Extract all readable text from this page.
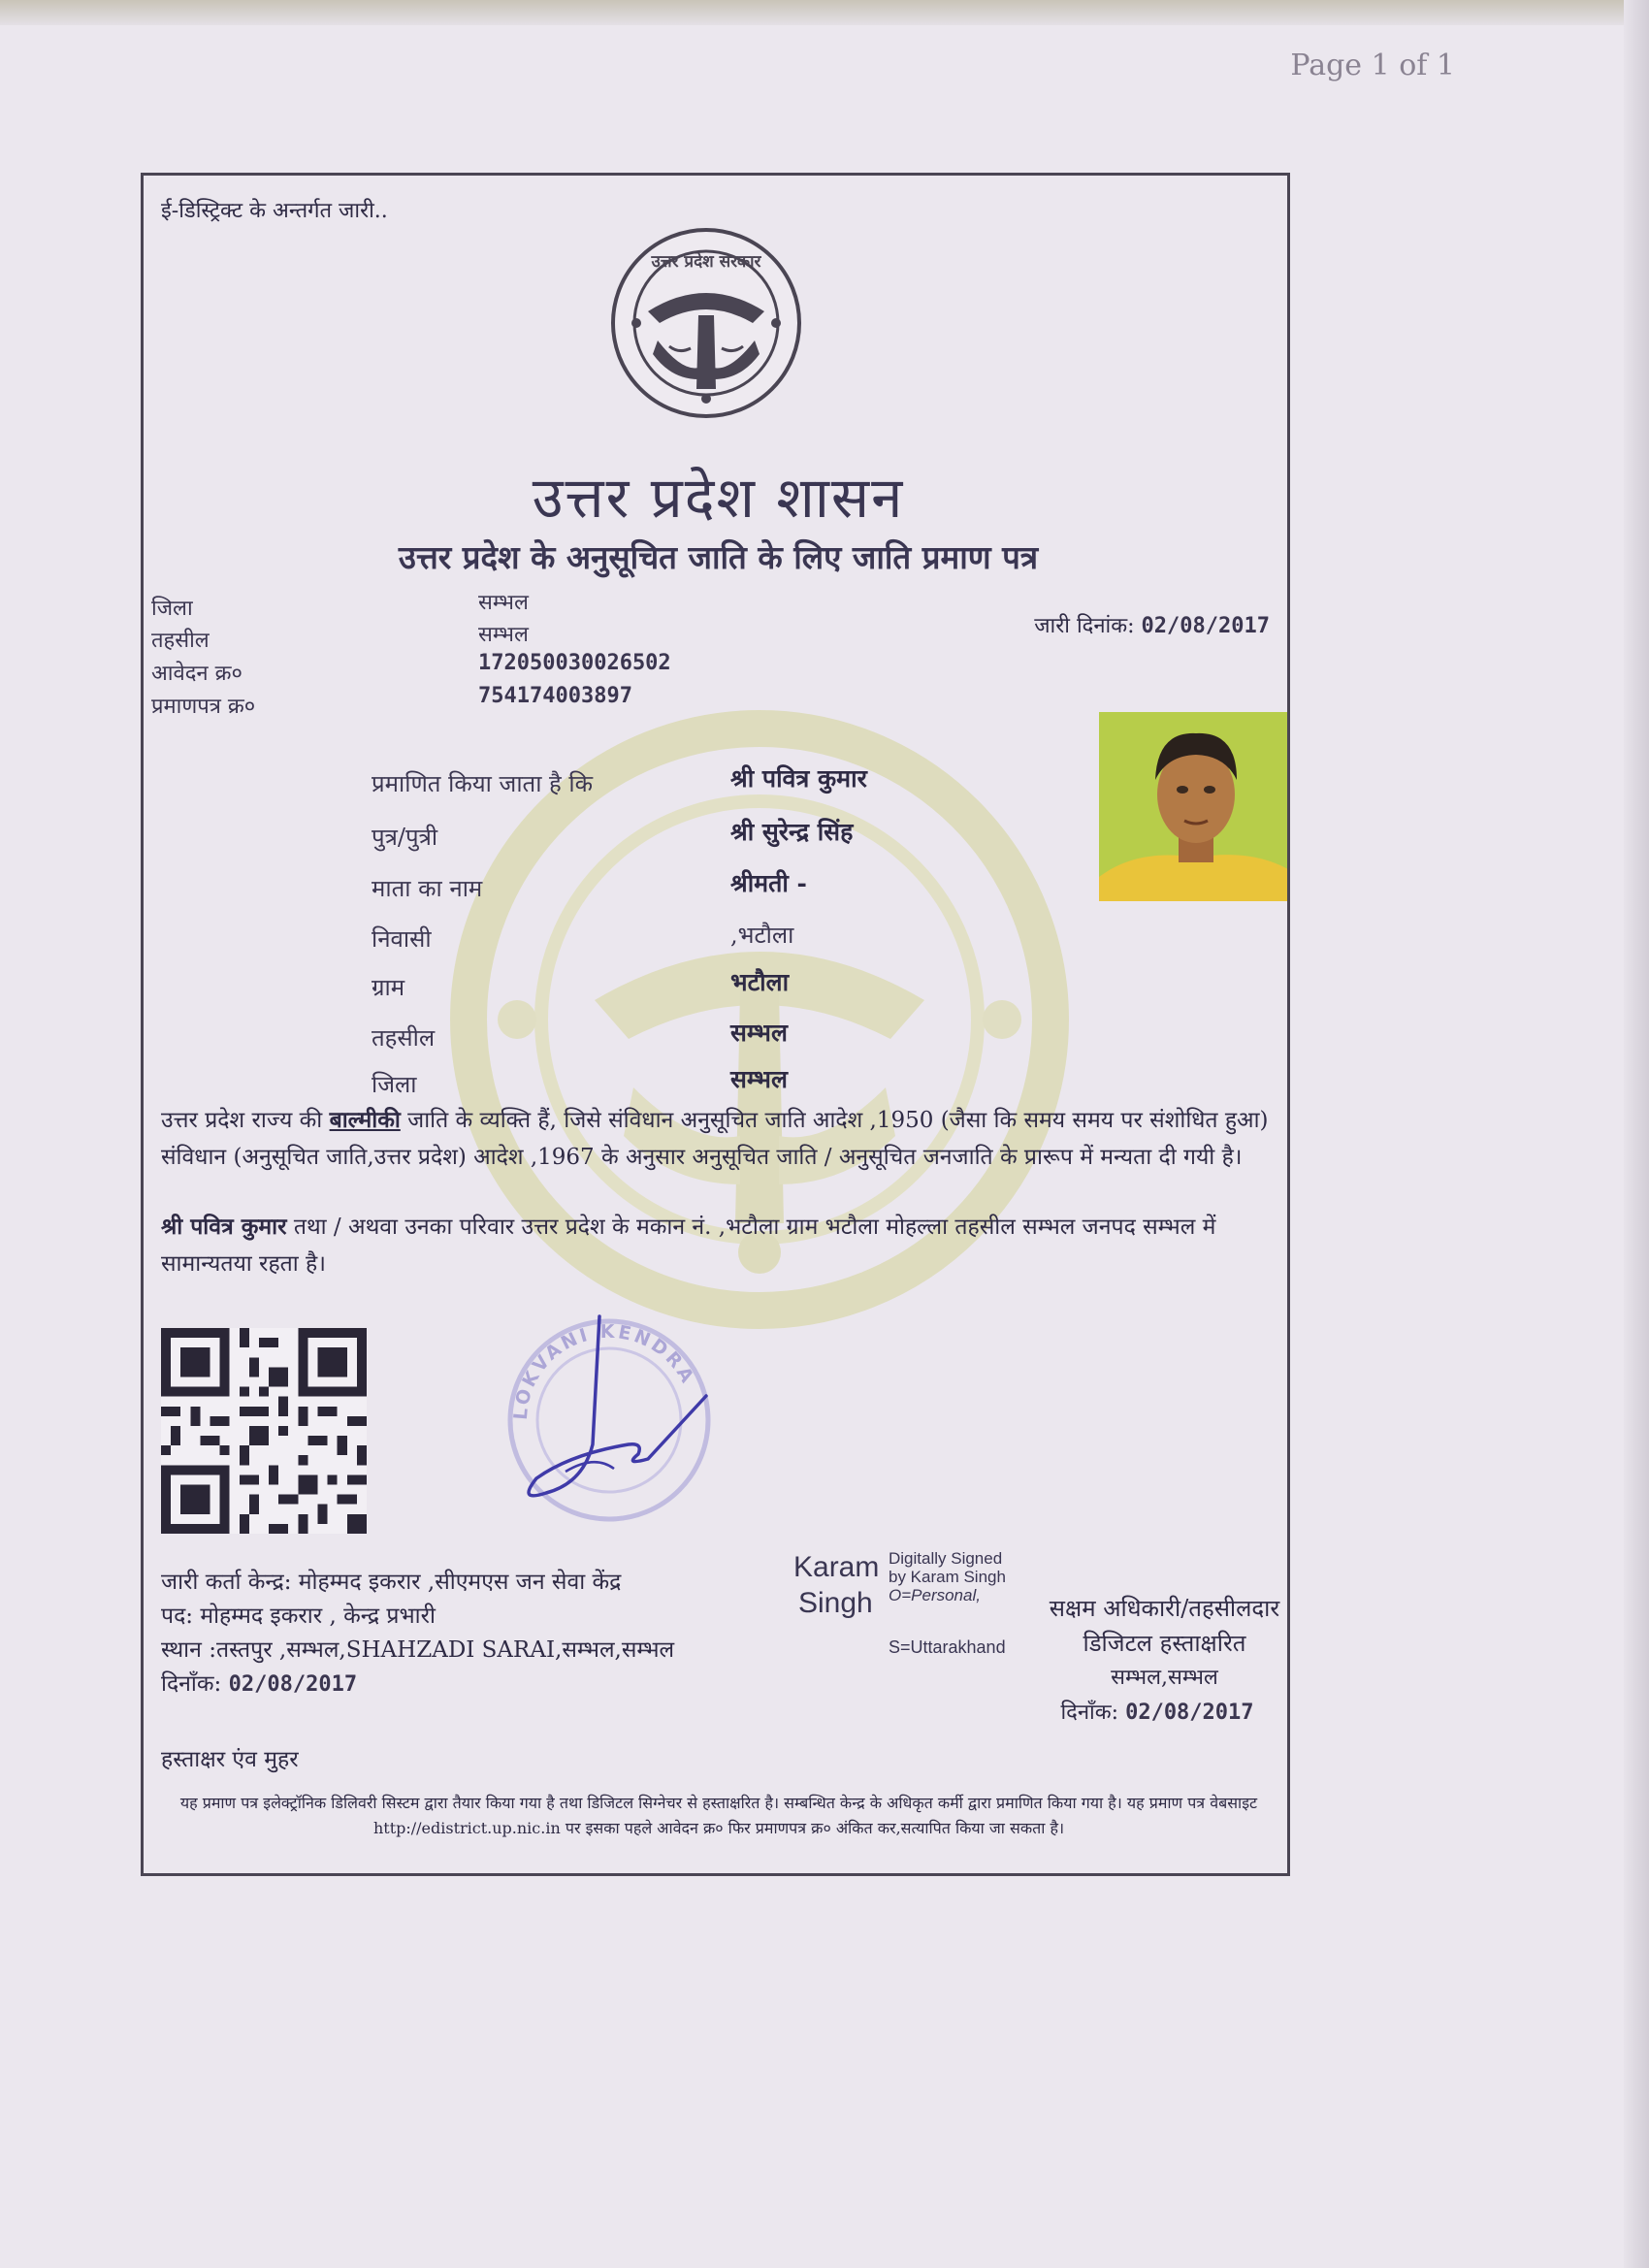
Page 1 of 1
ई-डिस्ट्रिक्ट के अन्तर्गत जारी..
उत्तर प्रदेश सरकार
उत्तर प्रदेश शासन
उत्तर प्रदेश के अनुसूचित जाति के लिए जाति प्रमाण पत्र
जिला	सम्भल
तहसील	सम्भल
आवेदन क्र०	172050030026502
प्रमाणपत्र क्र०	754174003897
जारी दिनांक: 02/08/2017
प्रमाणित किया जाता है कि	श्री पवित्र कुमार
पुत्र/पुत्री	श्री सुरेन्द्र सिंह
माता का नाम	श्रीमती -
निवासी	,भटौला
ग्राम	भटौला
तहसील	सम्भल
जिला	सम्भल
उत्तर प्रदेश राज्य की बाल्मीकी जाति के व्यक्ति हैं, जिसे संविधान अनुसूचित जाति आदेश ,1950 (जैसा कि समय समय पर संशोधित हुआ) संविधान (अनुसूचित जाति,उत्तर प्रदेश) आदेश ,1967 के अनुसार अनुसूचित जाति / अनुसूचित जनजाति के प्रारूप में मन्यता दी गयी है।
श्री पवित्र कुमार तथा / अथवा उनका परिवार उत्तर प्रदेश के मकान नं. ,भटौला ग्राम भटौला मोहल्ला तहसील सम्भल जनपद सम्भल में सामान्यतया रहता है।
LOKVANI KENDRA
जारी कर्ता केन्द्र: मोहम्मद इकरार ,सीएमएस जन सेवा केंद्र
पद: मोहम्मद इकरार , केन्द्र प्रभारी
स्थान :तस्तपुर ,सम्भल,SHAHZADI SARAI,सम्भल,सम्भल
दिनाँक: 02/08/2017
Karam
Singh
Digitally Signed
by Karam Singh
O=Personal,
S=Uttarakhand
सक्षम अधिकारी/तहसीलदार
डिजिटल हस्ताक्षरित
सम्भल,सम्भल
दिनाँक: 02/08/2017
हस्ताक्षर एंव मुहर
यह प्रमाण पत्र इलेक्ट्रॉनिक डिलिवरी सिस्टम द्वारा तैयार किया गया है तथा डिजिटल सिग्नेचर से हस्ताक्षरित है। सम्बन्धित केन्द्र के अधिकृत कर्मी द्वारा प्रमाणित किया गया है। यह प्रमाण पत्र वेबसाइट http://edistrict.up.nic.in पर इसका पहले आवेदन क्र० फिर प्रमाणपत्र क्र० अंकित कर,सत्यापित किया जा सकता है।
